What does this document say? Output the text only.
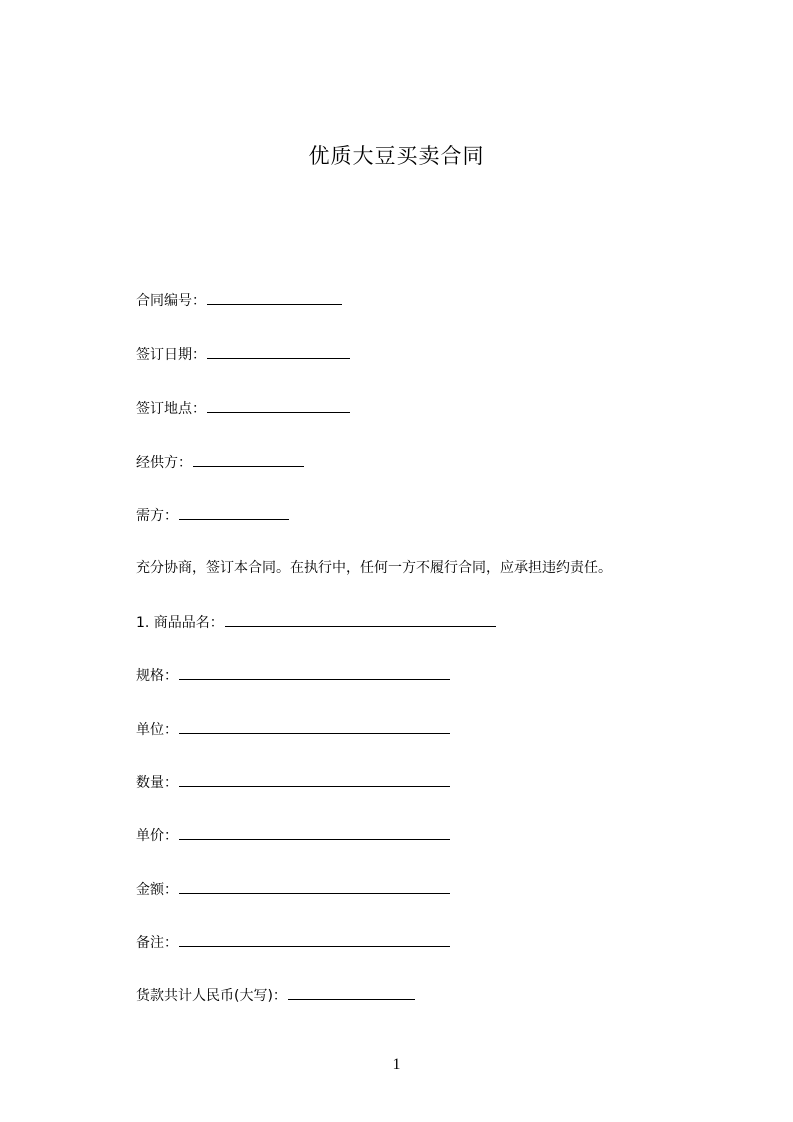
优质大豆买卖合同
合同编号：
签订日期：
签订地点：
经供方：
需方：
充分协商，签订本合同。在执行中，任何一方不履行合同，应承担违约责任。
1. 商品品名：
规格：
单位：
数量：
单价：
金额：
备注：
货款共计人民币(大写)：
1
